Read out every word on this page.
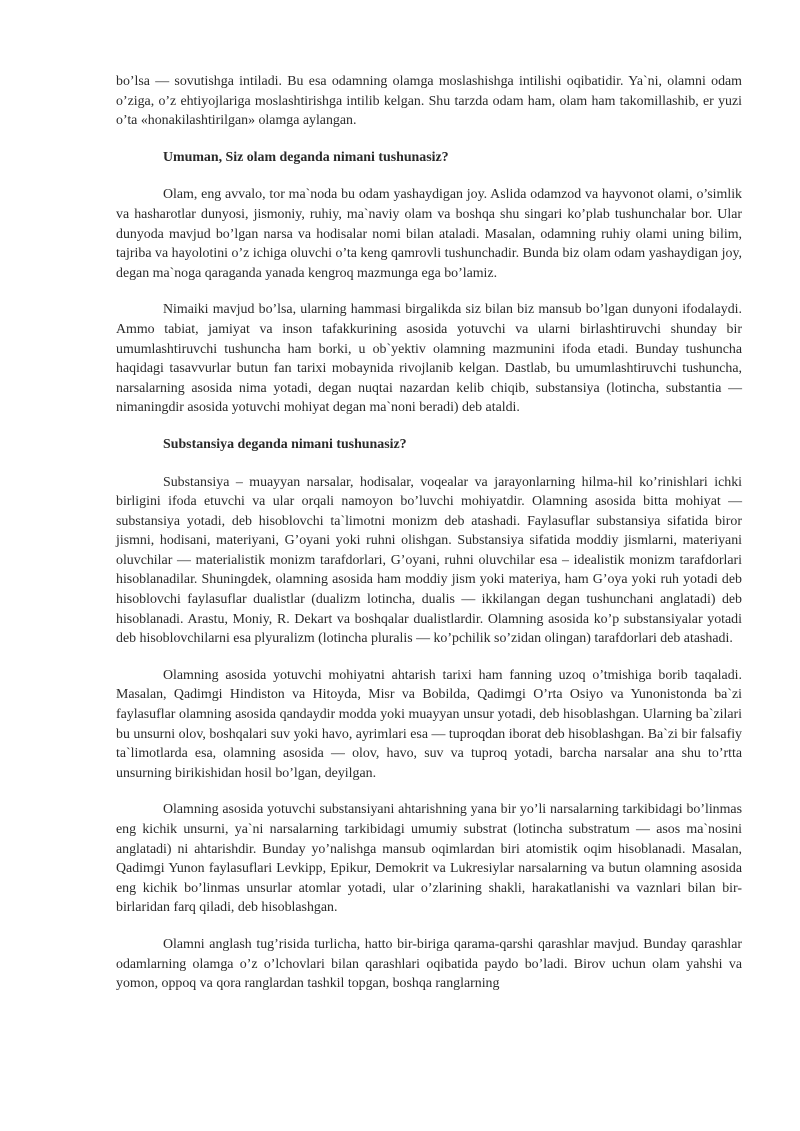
bo’lsa — sovutishga intiladi. Bu esa odamning olamga moslashishga intilishi oqibatidir. Ya`ni, olamni odam o’ziga, o’z ehtiyojlariga moslashtirishga intilib kelgan. Shu tarzda odam ham, olam ham takomillashib, er yuzi o’ta «honakilashtirilgan» olamga aylangan.

Umuman, Siz olam deganda nimani tushunasiz?

Olam, eng avvalo, tor ma`noda bu odam yashaydigan joy. Aslida odamzod va hayvonot olami, o’simlik va hasharotlar dunyosi, jismoniy, ruhiy, ma`naviy olam va boshqa shu singari ko’plab tushunchalar bor. Ular dunyoda mavjud bo’lgan narsa va hodisalar nomi bilan ataladi. Masalan, odamning ruhiy olami uning bilim, tajriba va hayolotini o’z ichiga oluvchi o’ta keng qamrovli tushunchadir. Bunda biz olam odam yashaydigan joy, degan ma`noga qaraganda yanada kengroq mazmunga ega bo’lamiz.

Nimaiki mavjud bo’lsa, ularning hammasi birgalikda siz bilan biz mansub bo’lgan dunyoni ifodalaydi. Ammo tabiat, jamiyat va inson tafakkurining asosida yotuvchi va ularni birlashtiruvchi shunday bir umumlashtiruvchi tushuncha ham borki, u ob`yektiv olamning mazmunini ifoda etadi. Bunday tushuncha haqidagi tasavvurlar butun fan tarixi mobaynida rivojlanib kelgan. Dastlab, bu umumlashtiruvchi tushuncha, narsalarning asosida nima yotadi, degan nuqtai nazardan kelib chiqib, substansiya (lotincha, substantia — nimaningdir asosida yotuvchi mohiyat degan ma`noni beradi) deb ataldi.

Substansiya deganda nimani tushunasiz?

Substansiya – muayyan narsalar, hodisalar, voqealar va jarayonlarning hilma-hil ko’rinishlari ichki birligini ifoda etuvchi va ular orqali namoyon bo’luvchi mohiyatdir. Olamning asosida bitta mohiyat — substansiya yotadi, deb hisoblovchi ta`limotni monizm deb atashadi. Faylasuflar substansiya sifatida biror jismni, hodisani, materiyani, G’oyani yoki ruhni olishgan. Substansiya sifatida moddiy jismlarni, materiyani oluvchilar — materialistik monizm tarafdorlari, G’oyani, ruhni oluvchilar esa – idealistik monizm tarafdorlari hisoblanadilar. Shuningdek, olamning asosida ham moddiy jism yoki materiya, ham G’oya yoki ruh yotadi deb hisoblovchi faylasuflar dualistlar (dualizm lotincha, dualis — ikkilangan degan tushunchani anglatadi) deb hisoblanadi. Arastu, Moniy, R. Dekart va boshqalar dualistlardir. Olamning asosida ko’p substansiyalar yotadi deb hisoblovchilarni esa plyuralizm (lotincha pluralis — ko’pchilik so’zidan olingan) tarafdorlari deb atashadi.

Olamning asosida yotuvchi mohiyatni ahtarish tarixi ham fanning uzoq o’tmishiga borib taqaladi. Masalan, Qadimgi Hindiston va Hitoyda, Misr va Bobilda, Qadimgi O’rta Osiyo va Yunonistonda ba`zi faylasuflar olamning asosida qandaydir modda yoki muayyan unsur yotadi, deb hisoblashgan. Ularning ba`zilari bu unsurni olov, boshqalari suv yoki havo, ayrimlari esa — tuproqdan iborat deb hisoblashgan. Ba`zi bir falsafiy ta`limotlarda esa, olamning asosida — olov, havo, suv va tuproq yotadi, barcha narsalar ana shu to’rtta unsurning birikishidan hosil bo’lgan, deyilgan.

Olamning asosida yotuvchi substansiyani ahtarishning yana bir yo’li narsalarning tarkibidagi bo’linmas eng kichik unsurni, ya`ni narsalarning tarkibidagi umumiy substrat (lotincha substratum — asos ma`nosini anglatadi) ni ahtarishdir. Bunday yo’nalishga mansub oqimlardan biri atomistik oqim hisoblanadi. Masalan, Qadimgi Yunon faylasuflari Levkipp, Epikur, Demokrit va Lukresiylar narsalarning va butun olamning asosida eng kichik bo’linmas unsurlar atomlar yotadi, ular o’zlarining shakli, harakatlanishi va vaznlari bilan bir-birlaridan farq qiladi, deb hisoblashgan.

Olamni anglash tug’risida turlicha, hatto bir-biriga qarama-qarshi qarashlar mavjud. Bunday qarashlar odamlarning olamga o’z o’lchovlari bilan qarashlari oqibatida paydo bo’ladi. Birov uchun olam yahshi va yomon, oppoq va qora ranglardan tashkil topgan, boshqa ranglarning
